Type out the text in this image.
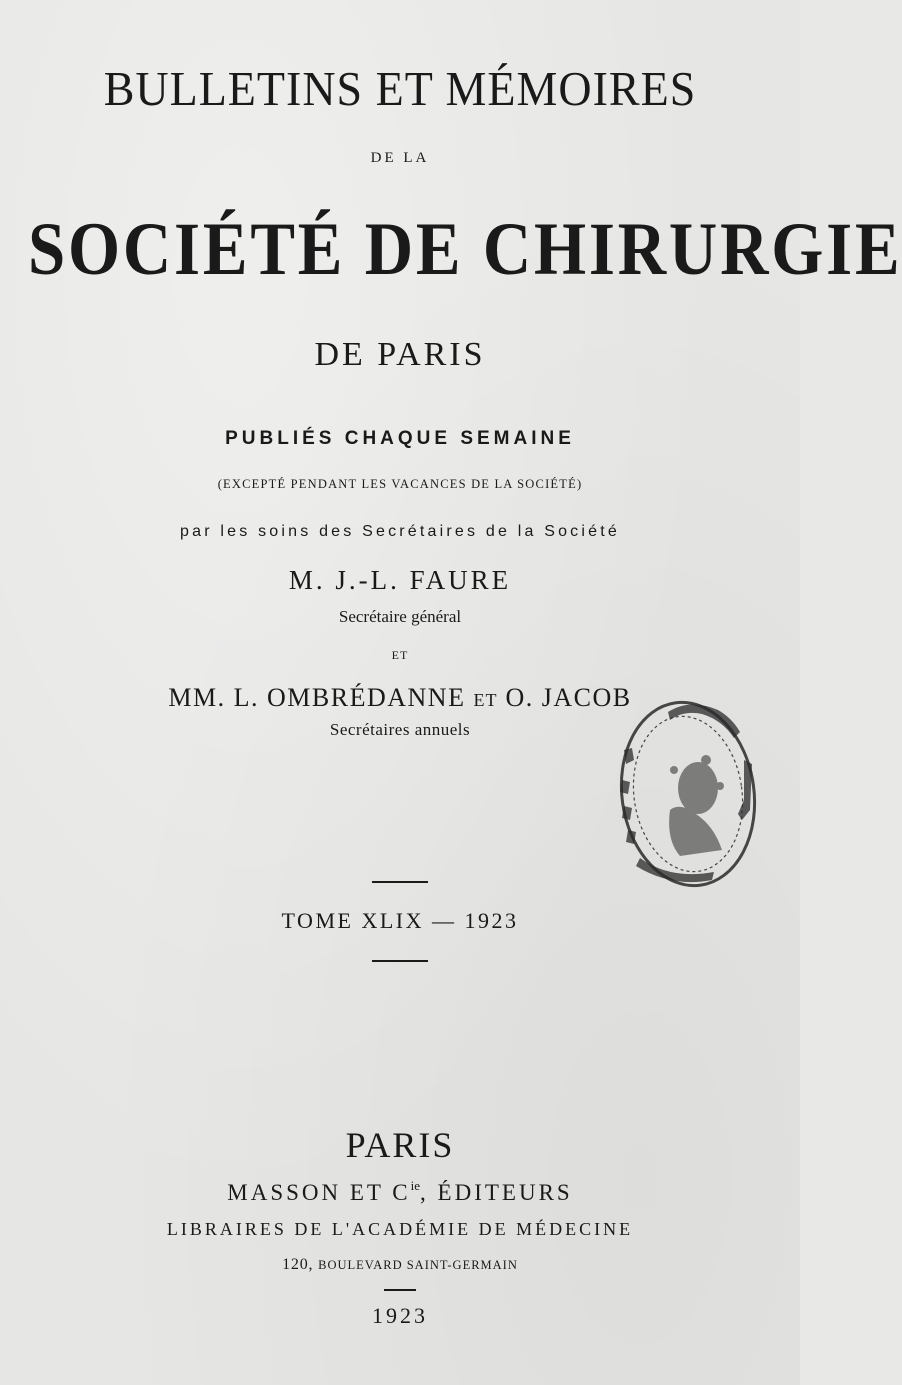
BULLETINS ET MÉMOIRES
DE LA
SOCIÉTÉ DE CHIRURGIE
DE PARIS
PUBLIÉS CHAQUE SEMAINE
(EXCEPTÉ PENDANT LES VACANCES DE LA SOCIÉTÉ)
par les soins des Secrétaires de la Société
M. J.-L. FAURE
Secrétaire général
ET
MM. L. OMBRÉDANNE ET O. JACOB
Secrétaires annuels
TOME XLIX — 1923
PARIS
MASSON ET $C^{ie}$, ÉDITEURS
LIBRAIRES DE L'ACADÉMIE DE MÉDECINE
120, BOULEVARD SAINT-GERMAIN
1923
